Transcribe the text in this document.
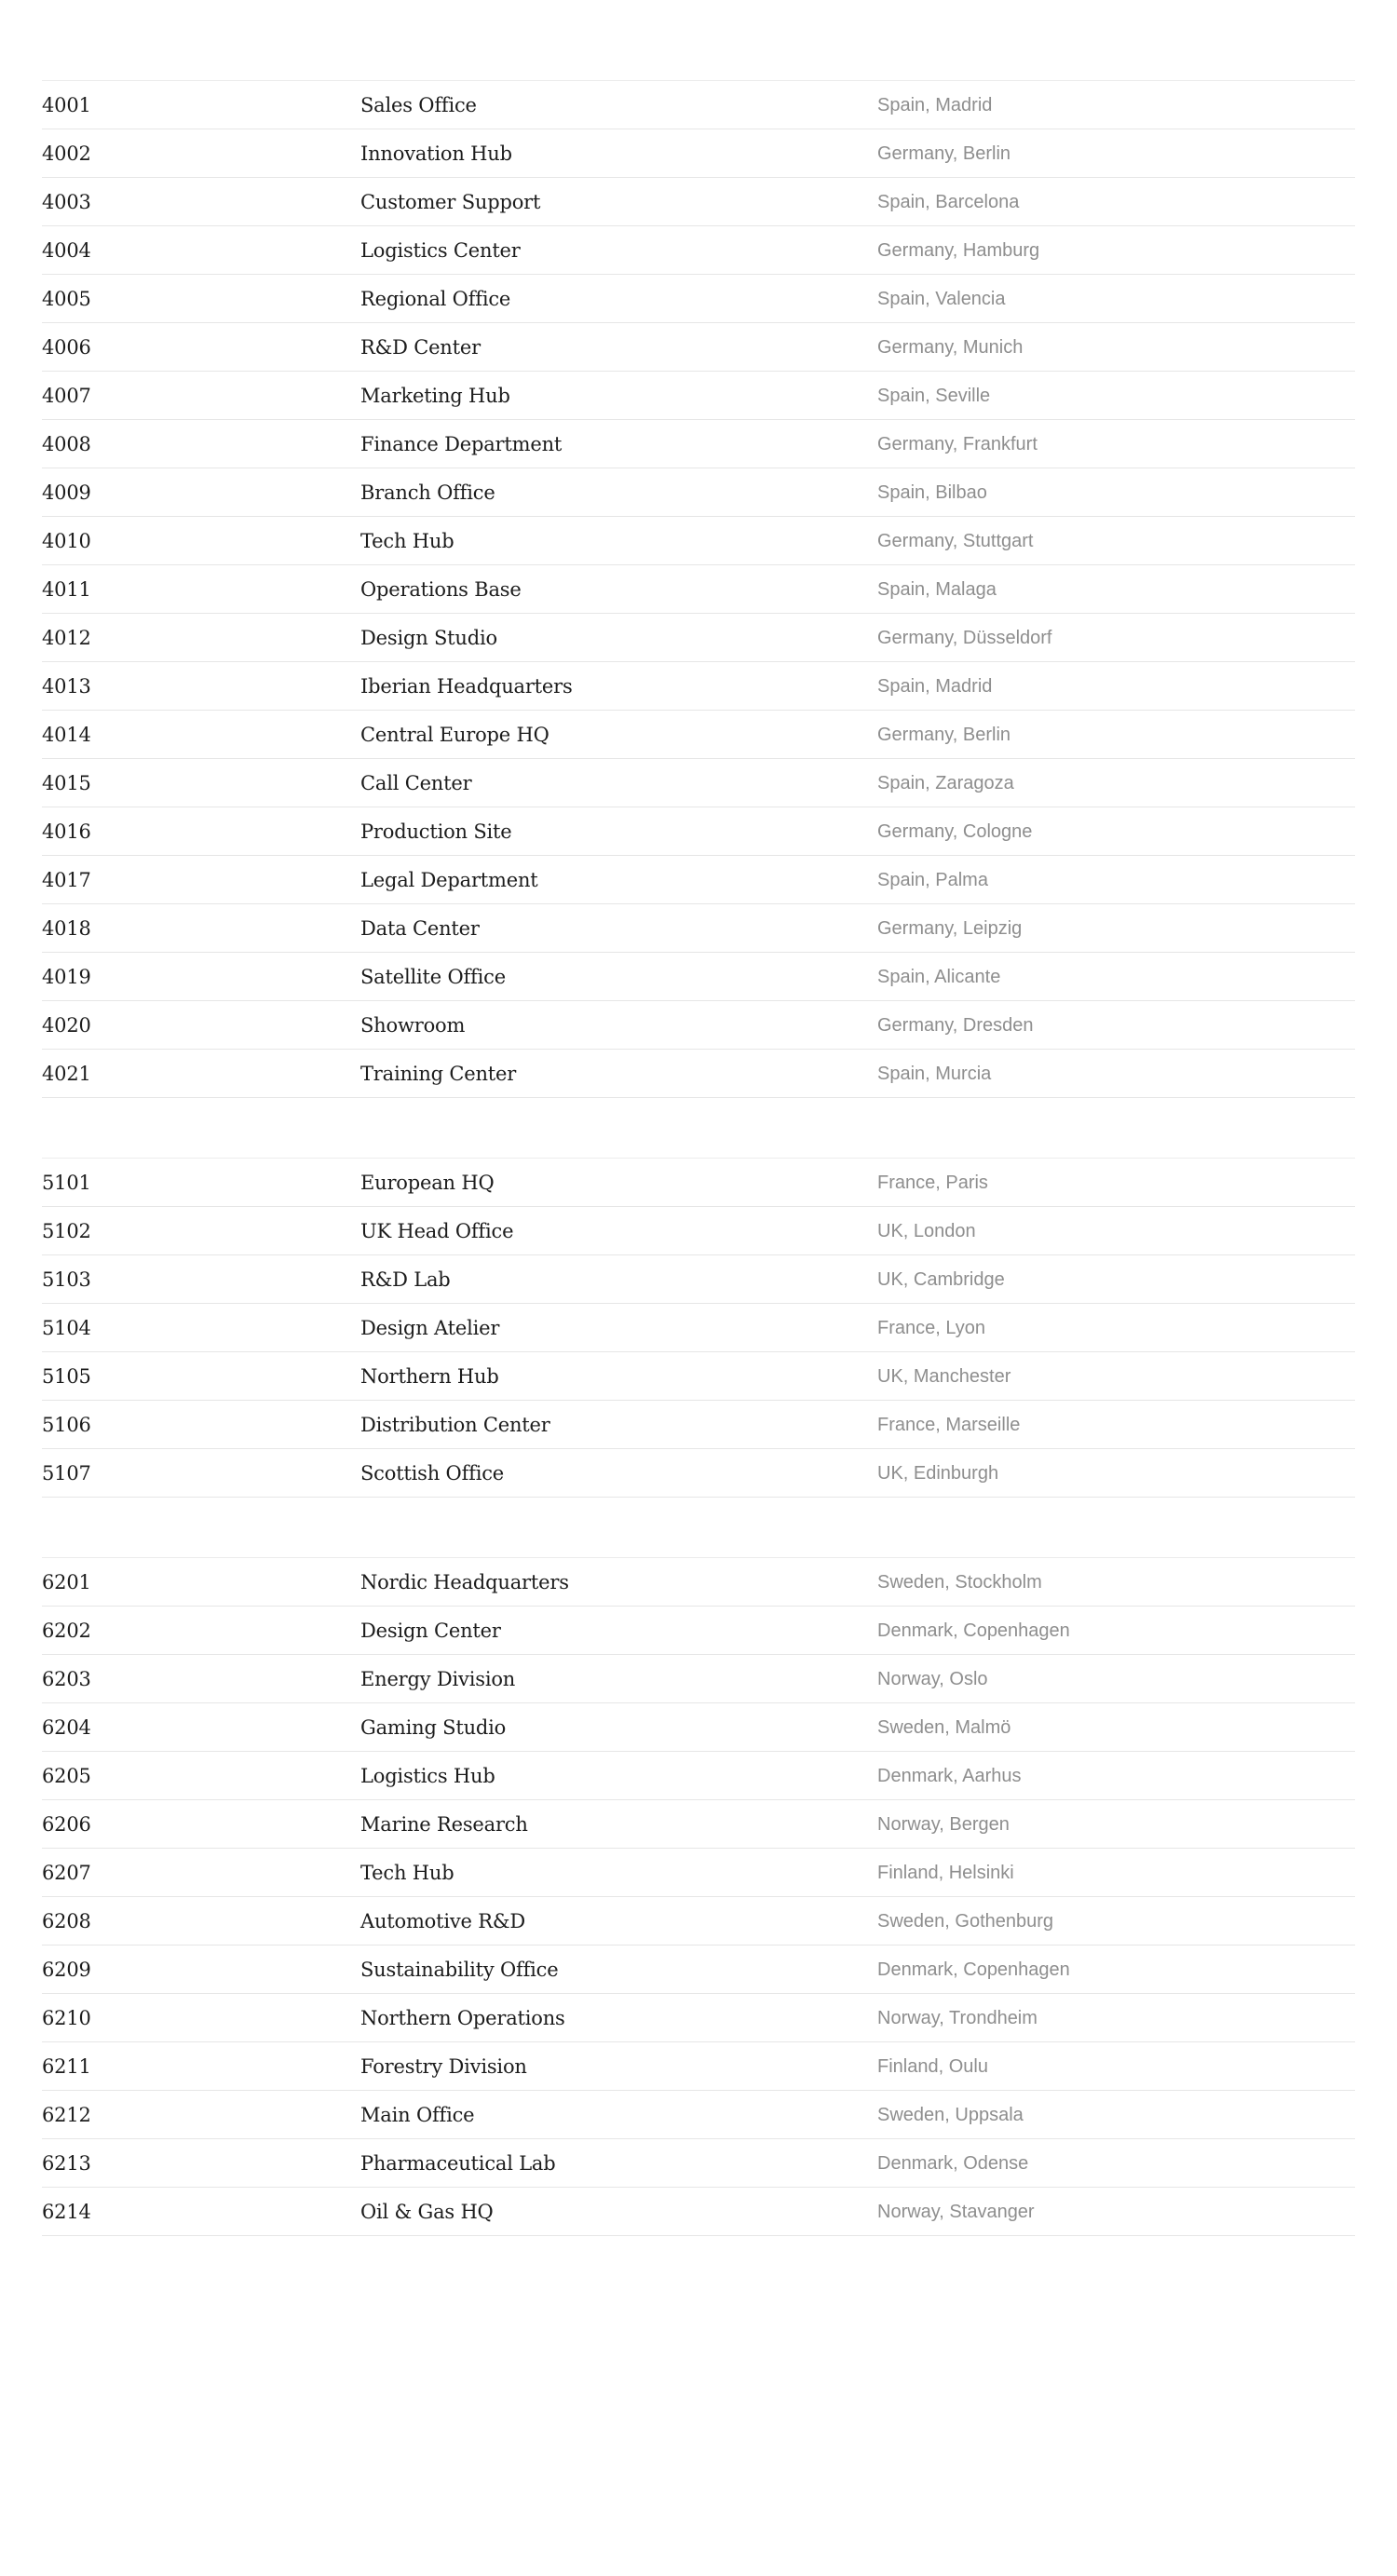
4001	Sales Office	Spain, Madrid
4002	Innovation Hub	Germany, Berlin
4003	Customer Support	Spain, Barcelona
4004	Logistics Center	Germany, Hamburg
4005	Regional Office	Spain, Valencia
4006	R&D Center	Germany, Munich
4007	Marketing Hub	Spain, Seville
4008	Finance Department	Germany, Frankfurt
4009	Branch Office	Spain, Bilbao
4010	Tech Hub	Germany, Stuttgart
4011	Operations Base	Spain, Malaga
4012	Design Studio	Germany, Düsseldorf
4013	Iberian Headquarters	Spain, Madrid
4014	Central Europe HQ	Germany, Berlin
4015	Call Center	Spain, Zaragoza
4016	Production Site	Germany, Cologne
4017	Legal Department	Spain, Palma
4018	Data Center	Germany, Leipzig
4019	Satellite Office	Spain, Alicante
4020	Showroom	Germany, Dresden
4021	Training Center	Spain, Murcia
5101	European HQ	France, Paris
5102	UK Head Office	UK, London
5103	R&D Lab	UK, Cambridge
5104	Design Atelier	France, Lyon
5105	Northern Hub	UK, Manchester
5106	Distribution Center	France, Marseille
5107	Scottish Office	UK, Edinburgh
6201	Nordic Headquarters	Sweden, Stockholm
6202	Design Center	Denmark, Copenhagen
6203	Energy Division	Norway, Oslo
6204	Gaming Studio	Sweden, Malmö
6205	Logistics Hub	Denmark, Aarhus
6206	Marine Research	Norway, Bergen
6207	Tech Hub	Finland, Helsinki
6208	Automotive R&D	Sweden, Gothenburg
6209	Sustainability Office	Denmark, Copenhagen
6210	Northern Operations	Norway, Trondheim
6211	Forestry Division	Finland, Oulu
6212	Main Office	Sweden, Uppsala
6213	Pharmaceutical Lab	Denmark, Odense
6214	Oil & Gas HQ	Norway, Stavanger
